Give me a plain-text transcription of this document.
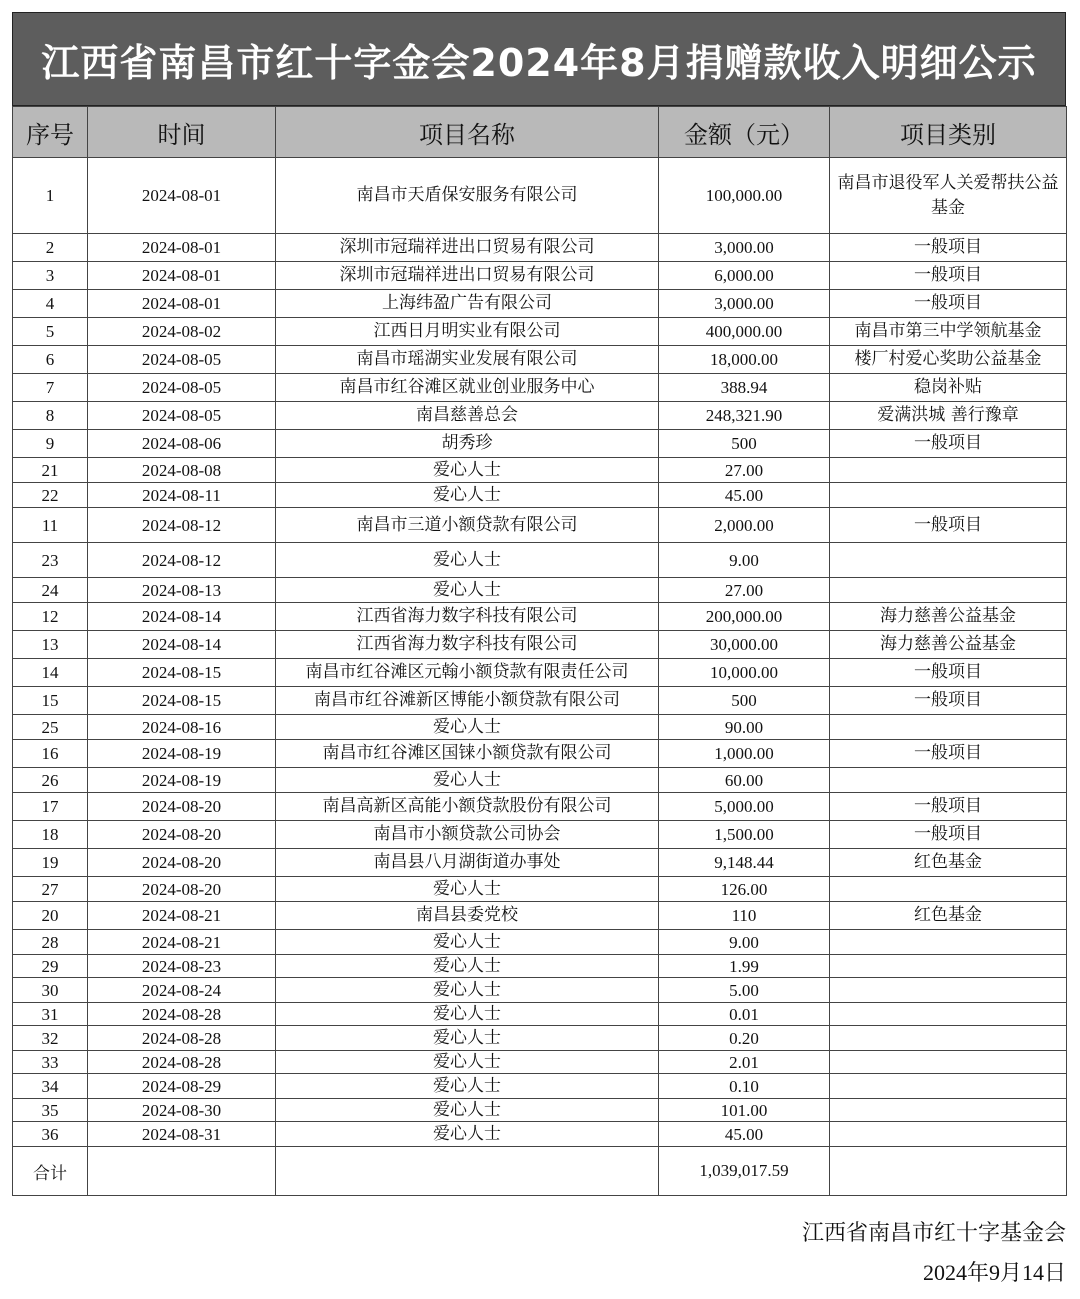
江西省南昌市红十字金会2024年8月捐赠款收入明细公示
序号	时间	项目名称	金额（元）	项目类别
1	2024-08-01	南昌市天盾保安服务有限公司	100,000.00	南昌市退役军人关爱帮扶公益基金
2	2024-08-01	深圳市冠瑞祥进出口贸易有限公司	3,000.00	一般项目
3	2024-08-01	深圳市冠瑞祥进出口贸易有限公司	6,000.00	一般项目
4	2024-08-01	上海纬盈广告有限公司	3,000.00	一般项目
5	2024-08-02	江西日月明实业有限公司	400,000.00	南昌市第三中学领航基金
6	2024-08-05	南昌市瑶湖实业发展有限公司	18,000.00	楼厂村爱心奖助公益基金
7	2024-08-05	南昌市红谷滩区就业创业服务中心	388.94	稳岗补贴
8	2024-08-05	南昌慈善总会	248,321.90	爱满洪城 善行豫章
9	2024-08-06	胡秀珍	500	一般项目
21	2024-08-08	爱心人士	27.00	
22	2024-08-11	爱心人士	45.00	
11	2024-08-12	南昌市三道小额贷款有限公司	2,000.00	一般项目
23	2024-08-12	爱心人士	9.00	
24	2024-08-13	爱心人士	27.00	
12	2024-08-14	江西省海力数字科技有限公司	200,000.00	海力慈善公益基金
13	2024-08-14	江西省海力数字科技有限公司	30,000.00	海力慈善公益基金
14	2024-08-15	南昌市红谷滩区元翰小额贷款有限责任公司	10,000.00	一般项目
15	2024-08-15	南昌市红谷滩新区博能小额贷款有限公司	500	一般项目
25	2024-08-16	爱心人士	90.00	
16	2024-08-19	南昌市红谷滩区国铼小额贷款有限公司	1,000.00	一般项目
26	2024-08-19	爱心人士	60.00	
17	2024-08-20	南昌高新区高能小额贷款股份有限公司	5,000.00	一般项目
18	2024-08-20	南昌市小额贷款公司协会	1,500.00	一般项目
19	2024-08-20	南昌县八月湖街道办事处	9,148.44	红色基金
27	2024-08-20	爱心人士	126.00	
20	2024-08-21	南昌县委党校	110	红色基金
28	2024-08-21	爱心人士	9.00	
29	2024-08-23	爱心人士	1.99	
30	2024-08-24	爱心人士	5.00	
31	2024-08-28	爱心人士	0.01	
32	2024-08-28	爱心人士	0.20	
33	2024-08-28	爱心人士	2.01	
34	2024-08-29	爱心人士	0.10	
35	2024-08-30	爱心人士	101.00	
36	2024-08-31	爱心人士	45.00	
合计			1,039,017.59	
江西省南昌市红十字基金会
2024年9月14日
